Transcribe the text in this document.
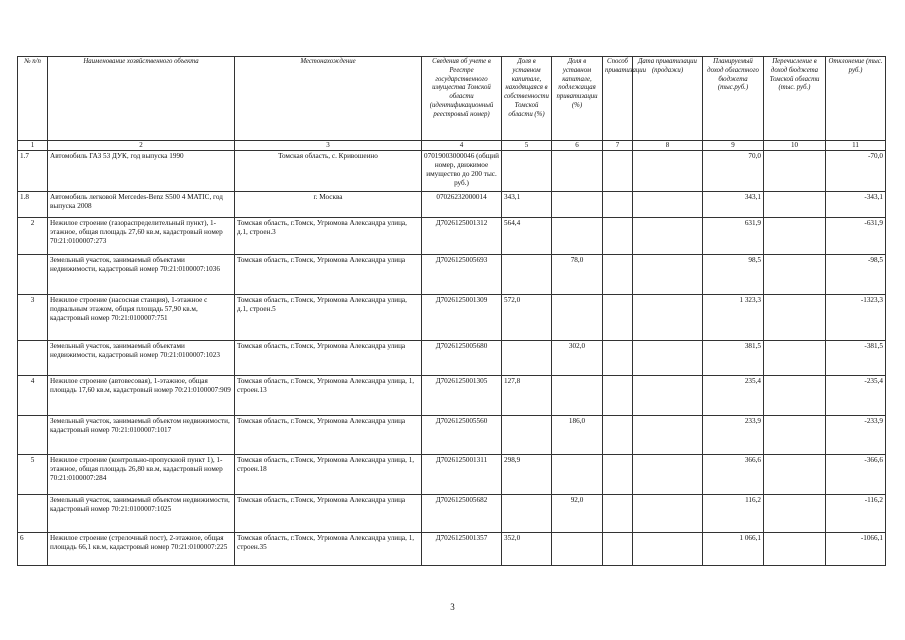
№ п/п	Наименование хозяйственного объекта	Местонахождение	Сведения об учете в Реестре государственного имущества Томской области (идентификационный реестровый номер)	Доля в уставном капитале, находящаяся в собственности Томской области (%)	Доля в уставном капитале, подлежащая приватизации (%)	Способ приватизации	Дата приватизации (продажи)	Планируемый доход областного бюджета (тыс.руб.)	Перечисление в доход бюджета Томской области (тыс. руб.)	Отклонение (тыс. руб.)
1	2	3	4	5	6	7	8	9	10	11
1.7	Автомобиль ГАЗ 53 ДУК, год выпуска 1990	Томская область, с. Кривошеино	07019003000046 (общий номер, движимое имущество до 200 тыс. руб.)					70,0		-70,0
1.8	Автомобиль легковой Mercedes-Benz S500 4 MATIC, год выпуска 2008	г. Москва	07026232000014	343,1				343,1		-343,1
2	Нежилое строение (газораспределительный пункт), 1-этажное, общая площадь 27,60 кв.м, кадастровый номер 70:21:0100007:273	Томская область, г.Томск, Угрюмова Александра улица, д.1, строен.3	Д7026125001312	564,4				631,9		-631,9
	Земельный участок, занимаемый объектами недвижимости, кадастровый номер 70:21:0100007:1036	Томская область, г.Томск, Угрюмова Александра улица	Д7026125005693		78,0			98,5		-98,5
3	Нежилое строение (насосная станция), 1-этажное с подвальным этажом, общая площадь 57,90 кв.м, кадастровый номер 70:21:0100007:751	Томская область, г.Томск, Угрюмова Александра улица, д.1, строен.5	Д7026125001309	572,0				1 323,3		-1323,3
	Земельный участок, занимаемый объектами недвижимости, кадастровый номер 70:21:0100007:1023	Томская область, г.Томск, Угрюмова Александра улица	Д7026125005680		302,0			381,5		-381,5
4	Нежилое строение (автовесовая), 1-этажное, общая площадь 17,60 кв.м, кадастровый номер 70:21:0100007:909	Томская область, г.Томск, Угрюмова Александра улица, 1, строен.13	Д7026125001305	127,8				235,4		-235,4
	Земельный участок, занимаемый объектом недвижимости, кадастровый номер 70:21:0100007:1017	Томская область, г.Томск, Угрюмова Александра улица	Д7026125005560		186,0			233,9		-233,9
5	Нежилое строение (контрольно-пропускной пункт 1), 1-этажное, общая площадь 26,80 кв.м, кадастровый номер 70:21:0100007:284	Томская область, г.Томск, Угрюмова Александра улица, 1, строен.18	Д7026125001311	298,9				366,6		-366,6
	Земельный участок, занимаемый объектом недвижимости, кадастровый номер 70:21:0100007:1025	Томская область, г.Томск, Угрюмова Александра улица	Д7026125005682		92,0			116,2		-116,2
6	Нежилое строение (стрелочный пост), 2-этажное, общая площадь 66,1 кв.м, кадастровый номер 70:21:0100007:225	Томская область, г.Томск, Угрюмова Александра улица, 1, строен.35	Д7026125001357	352,0				1 066,1		-1066,1
3
